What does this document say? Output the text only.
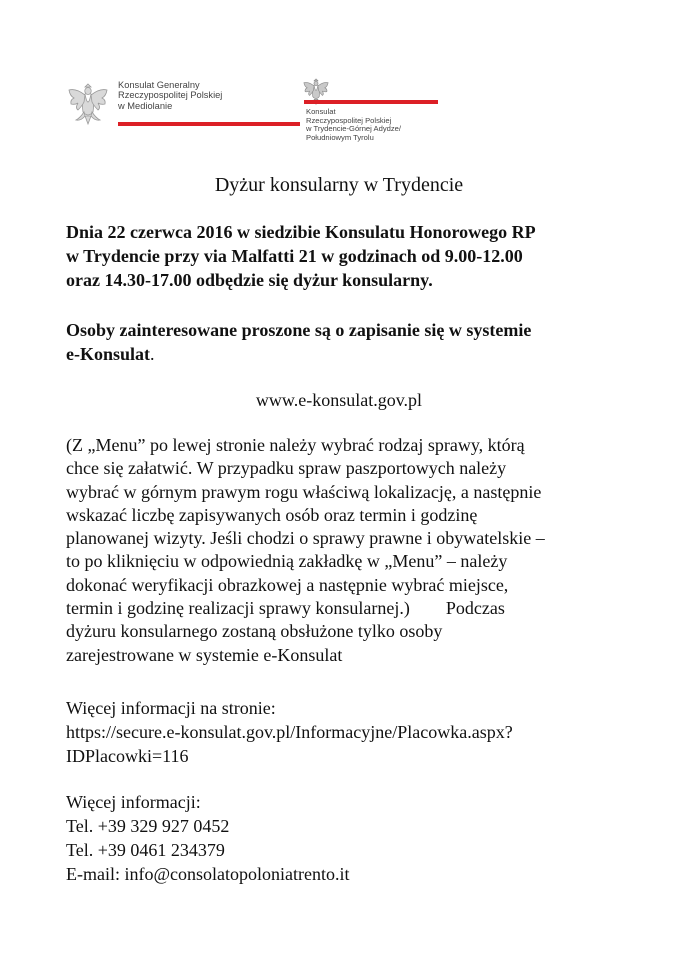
Konsulat Generalny
Rzeczypospolitej Polskiej
w Mediolanie
Konsulat
Rzeczypospolitej Polskiej
w Trydencie-Górnej Adydze/
Południowym Tyrolu
Dyżur konsularny w Trydencie

Dnia 22 czerwca 2016 w siedzibie Konsulatu Honorowego RP
w Trydencie przy via Malfatti 21 w godzinach od 9.00-12.00
oraz 14.30-17.00 odbędzie się dyżur konsularny.

Osoby zainteresowane proszone są o zapisanie się w systemie
e-Konsulat.

www.e-konsulat.gov.pl

(Z „Menu” po lewej stronie należy wybrać rodzaj sprawy, którą
chce się załatwić. W przypadku spraw paszportowych należy
wybrać w górnym prawym rogu właściwą lokalizację, a następnie
wskazać liczbę zapisywanych osób oraz termin i godzinę
planowanej wizyty. Jeśli chodzi o sprawy prawne i obywatelskie –
to po kliknięciu w odpowiednią zakładkę w „Menu” – należy
dokonać weryfikacji obrazkowej a następnie wybrać miejsce,
termin i godzinę realizacji sprawy konsularnej.)        Podczas
dyżuru konsularnego zostaną obsłużone tylko osoby
zarejestrowane w systemie e-Konsulat

Więcej informacji na stronie:
https://secure.e-konsulat.gov.pl/Informacyjne/Placowka.aspx?
IDPlacowki=116

Więcej informacji:
Tel. +39 329 927 0452
Tel. +39 0461 234379
E-mail: info@consolatopoloniatrento.it
